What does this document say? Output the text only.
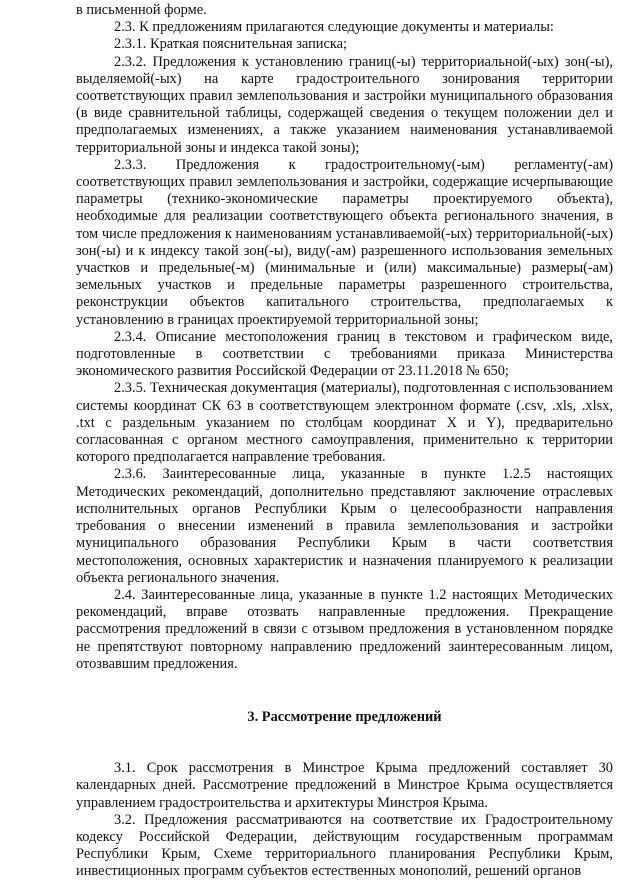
в письменной форме.

2.3. К предложениям прилагаются следующие документы и материалы:

2.3.1. Краткая пояснительная записка;

2.3.2. Предложения к установлению границ(-ы) территориальной(-ых) зон(-ы), выделяемой(-ых) на карте градостроительного зонирования территории соответствующих правил землепользования и застройки муниципального образования (в виде сравнительной таблицы, содержащей сведения о текущем положении дел и предполагаемых изменениях, а также указанием наименования устанавливаемой территориальной зоны и индекса такой зоны);

2.3.3. Предложения к градостроительному(-ым) регламенту(-ам) соответствующих правил землепользования и застройки, содержащие исчерпывающие параметры (технико-экономические параметры проектируемого объекта), необходимые для реализации соответствующего объекта регионального значения, в том числе предложения к наименованиям устанавливаемой(-ых) территориальной(-ых) зон(-ы) и к индексу такой зон(-ы), виду(-ам) разрешенного использования земельных участков и предельные(-м) (минимальные и (или) максимальные) размеры(-ам) земельных участков и предельные параметры разрешенного строительства, реконструкции объектов капитального строительства, предполагаемых к установлению в границах проектируемой территориальной зоны;

2.3.4. Описание местоположения границ в текстовом и графическом виде, подготовленные в соответствии с требованиями приказа Министерства экономического развития Российской Федерации от 23.11.2018 № 650;

2.3.5. Техническая документация (материалы), подготовленная с использованием системы координат СК 63 в соответствующем электронном формате (.csv, .xls, .xlsx, .txt с раздельным указанием по столбцам координат X и Y), предварительно согласованная с органом местного самоуправления, применительно к территории которого предполагается направление требования.

2.3.6. Заинтересованные лица, указанные в пункте 1.2.5 настоящих Методических рекомендаций, дополнительно представляют заключение отраслевых исполнительных органов Республики Крым о целесообразности направления требования о внесении изменений в правила землепользования и застройки муниципального образования Республики Крым в части соответствия местоположения, основных характеристик и назначения планируемого к реализации объекта регионального значения.

2.4. Заинтересованные лица, указанные в пункте 1.2 настоящих Методических рекомендаций, вправе отозвать направленные предложения. Прекращение рассмотрения предложений в связи с отзывом предложения в установленном порядке не препятствуют повторному направлению предложений заинтересованным лицом, отозвавшим предложения.

3. Рассмотрение предложений

3.1. Срок рассмотрения в Минстрое Крыма предложений составляет 30 календарных дней. Рассмотрение предложений в Минстрое Крыма осуществляется управлением градостроительства и архитектуры Минстроя Крыма.

3.2. Предложения рассматриваются на соответствие их Градостроительному кодексу Российской Федерации, действующим государственным программам Республики Крым, Схеме территориального планирования Республики Крым, инвестиционных программ субъектов естественных монополий, решений органов
